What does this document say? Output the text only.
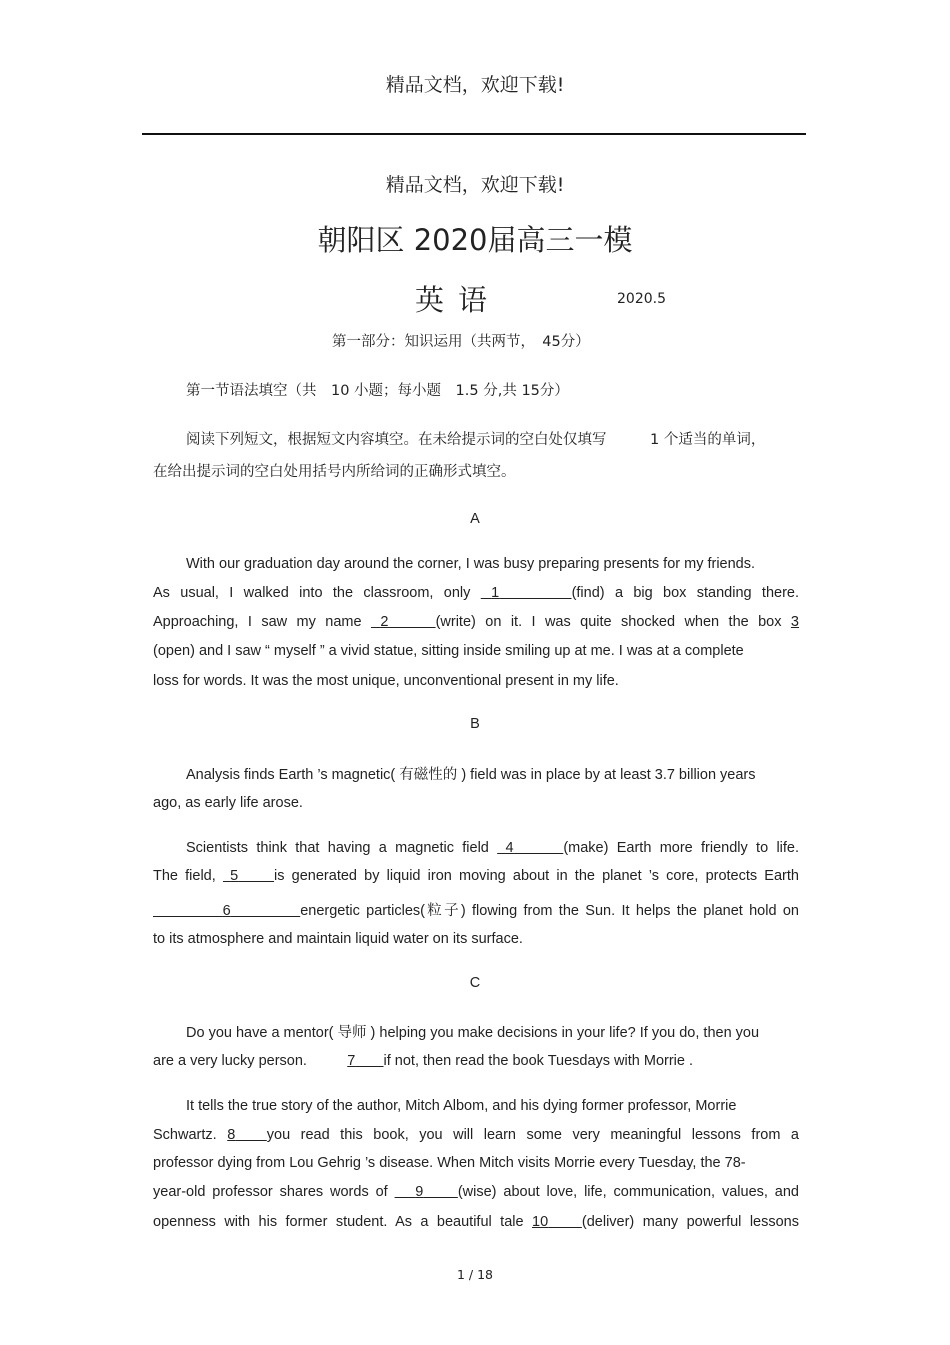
精品文档，欢迎下载!
精品文档，欢迎下载!
朝阳区 2020届高三一模
英语	2020.5
第一部分：知识运用（共两节，　45分）
第一节语法填空（共　10 小题；每小题　1.5 分,共 15分）
阅读下列短文，根据短文内容填空。在未给提示词的空白处仅填写　　　1 个适当的单词，
在给出提示词的空白处用括号内所给词的正确形式填空。
A
With our graduation day around the corner, I was busy preparing presents for my friends.
As usual, I walked into the classroom, only 1	(find) a big box standing there.
Approaching, I saw my name 2	(write) on it. I was quite shocked when the box 3
(open) and I saw “ myself ” a vivid statue, sitting inside smiling up at me. I was at a complete
loss for words. It was the most unique, unconventional present in my life.
B
Analysis finds Earth ’s magnetic( 有磁性的 ) field was in place by at least 3.7 billion years
ago, as early life arose.
Scientists think that having a magnetic field 4	(make) Earth more friendly to life.
The field, 5 is generated by liquid iron moving about in the planet ’s core, protects Earth
6	energetic particles(粒子) flowing from the Sun. It helps the planet hold on
to its atmosphere and maintain liquid water on its surface.
C
Do you have a mentor( 导师 ) helping you make decisions in your life? If you do, then you
are a very lucky person.	7 if not, then read the book Tuesdays with Morrie .
It tells the true story of the author, Mitch Albom, and his dying former professor, Morrie
Schwartz. 8 you read this book, you will learn some very meaningful lessons from a
professor dying from Lou Gehrig ’s disease. When Mitch visits Morrie every Tuesday, the 78-
year-old professor shares words of 9 (wise) about love, life, communication, values, and
openness with his former student. As a beautiful tale 10 (deliver) many powerful lessons
1 / 18
